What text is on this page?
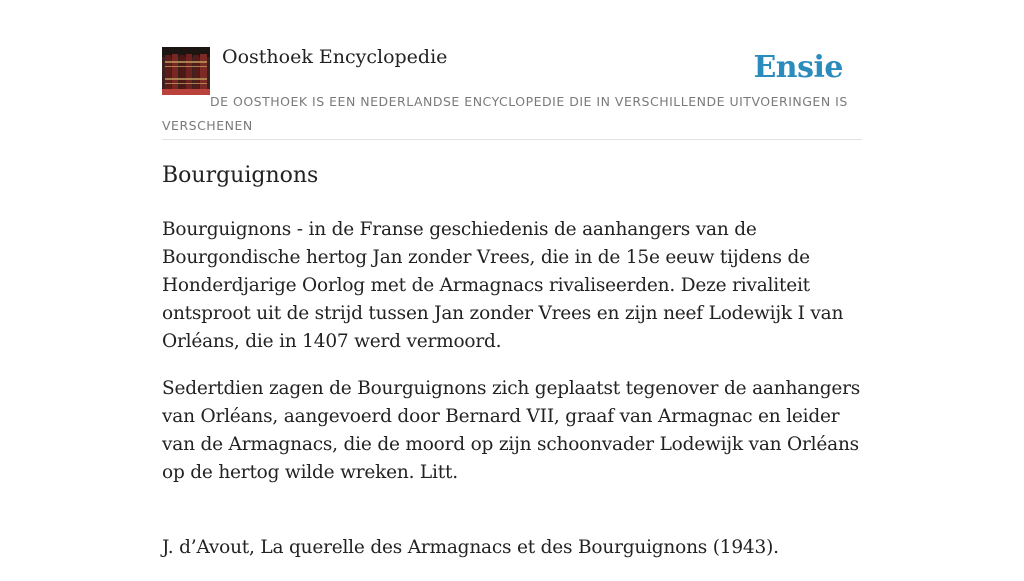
Oosthoek Encyclopedie	Ensie
DE OOSTHOEK IS EEN NEDERLANDSE ENCYCLOPEDIE DIE IN VERSCHILLENDE UITVOERINGEN IS VERSCHENEN
Bourguignons

Bourguignons - in de Franse geschiedenis de aanhangers van de Bourgondische hertog Jan zonder Vrees, die in de 15e eeuw tijdens de Honderdjarige Oorlog met de Armagnacs rivaliseerden. Deze rivaliteit ontsproot uit de strijd tussen Jan zonder Vrees en zijn neef Lodewijk I van Orléans, die in 1407 werd vermoord.

Sedertdien zagen de Bourguignons zich geplaatst tegenover de aanhangers van Orléans, aangevoerd door Bernard VII, graaf van Armagnac en leider van de Armagnacs, die de moord op zijn schoonvader Lodewijk van Orléans op de hertog wilde wreken. Litt.

J. d’Avout, La querelle des Armagnacs et des Bourguignons (1943).
